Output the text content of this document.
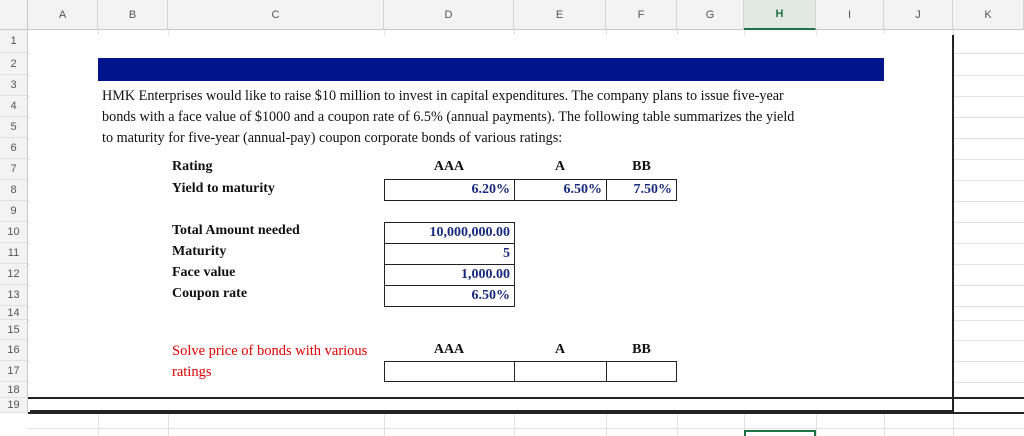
A	B	C	D	E	F	G	H	I	J	K
1
2
3
4
5
6
7
8
9
10
11
12
13
14
15
16
17
18
19
HMK Enterprises would like to raise $10 million to invest in capital expenditures. The company plans to issue five-year
bonds with a face value of $1000 and a coupon rate of 6.5% (annual payments). The following table summarizes the yield
to maturity for five-year (annual-pay) coupon corporate bonds of various ratings:
Rating	AAA	A	BB
Yield to maturity	6.20%	6.50%	7.50%
Total Amount needed	10,000,000.00
Maturity	5
Face value	1,000.00
Coupon rate	6.50%
Solve price of bonds with various
ratings
AAA	A	BB
